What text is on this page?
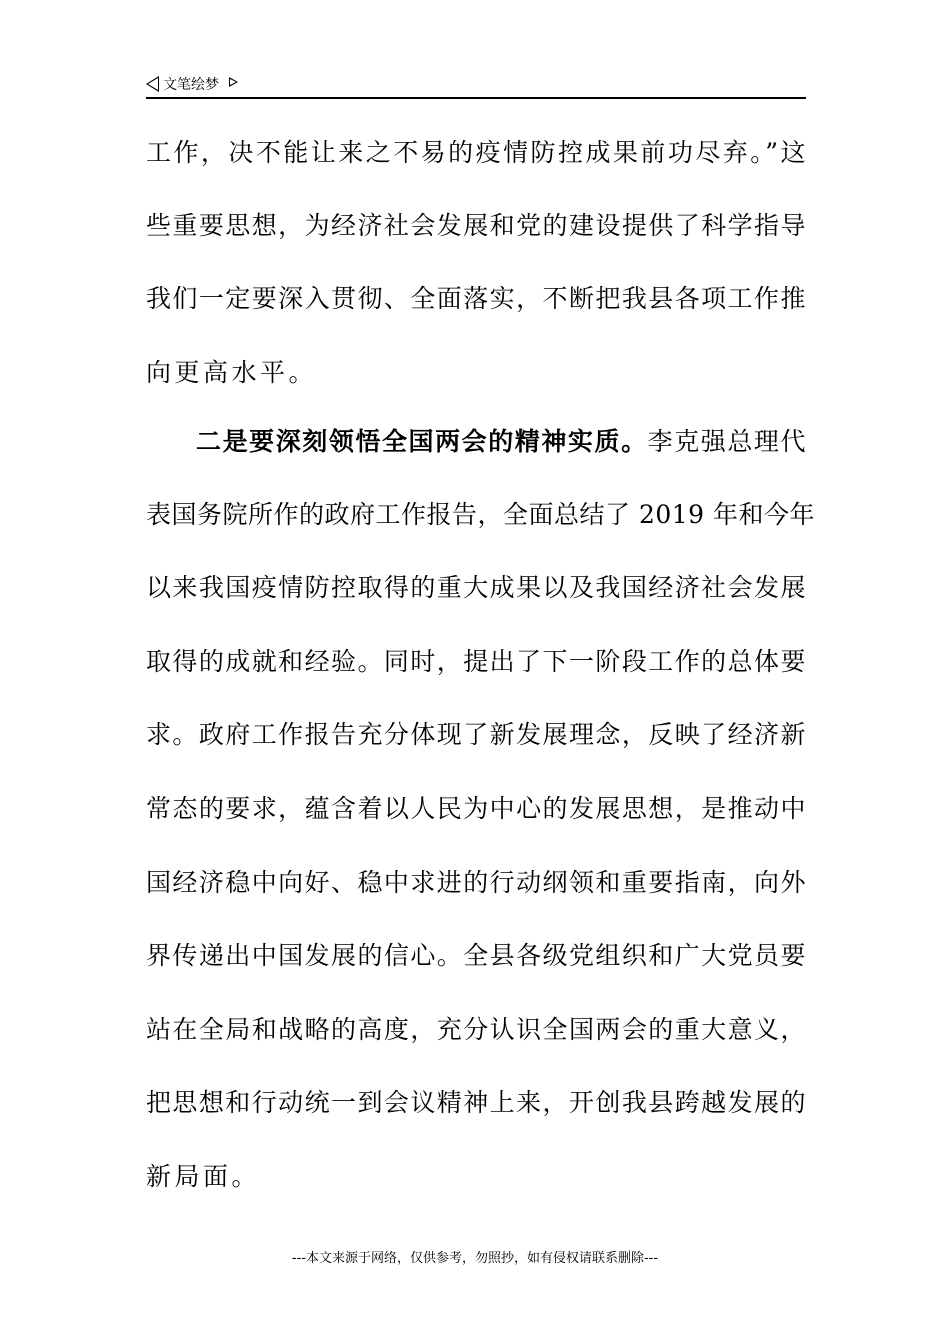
文笔绘梦
工作，决不能让来之不易的疫情防控成果前功尽弃。”这
些重要思想，为经济社会发展和党的建设提供了科学指导
我们一定要深入贯彻、全面落实，不断把我县各项工作推
向更高水平。
二是要深刻领悟全国两会的精神实质。李克强总理代
表国务院所作的政府工作报告，全面总结了 2019 年和今年
以来我国疫情防控取得的重大成果以及我国经济社会发展
取得的成就和经验。同时，提出了下一阶段工作的总体要
求。政府工作报告充分体现了新发展理念，反映了经济新
常态的要求，蕴含着以人民为中心的发展思想，是推动中
国经济稳中向好、稳中求进的行动纲领和重要指南，向外
界传递出中国发展的信心。全县各级党组织和广大党员要
站在全局和战略的高度，充分认识全国两会的重大意义，
把思想和行动统一到会议精神上来，开创我县跨越发展的
新局面。
---本文来源于网络，仅供参考，勿照抄，如有侵权请联系删除---
